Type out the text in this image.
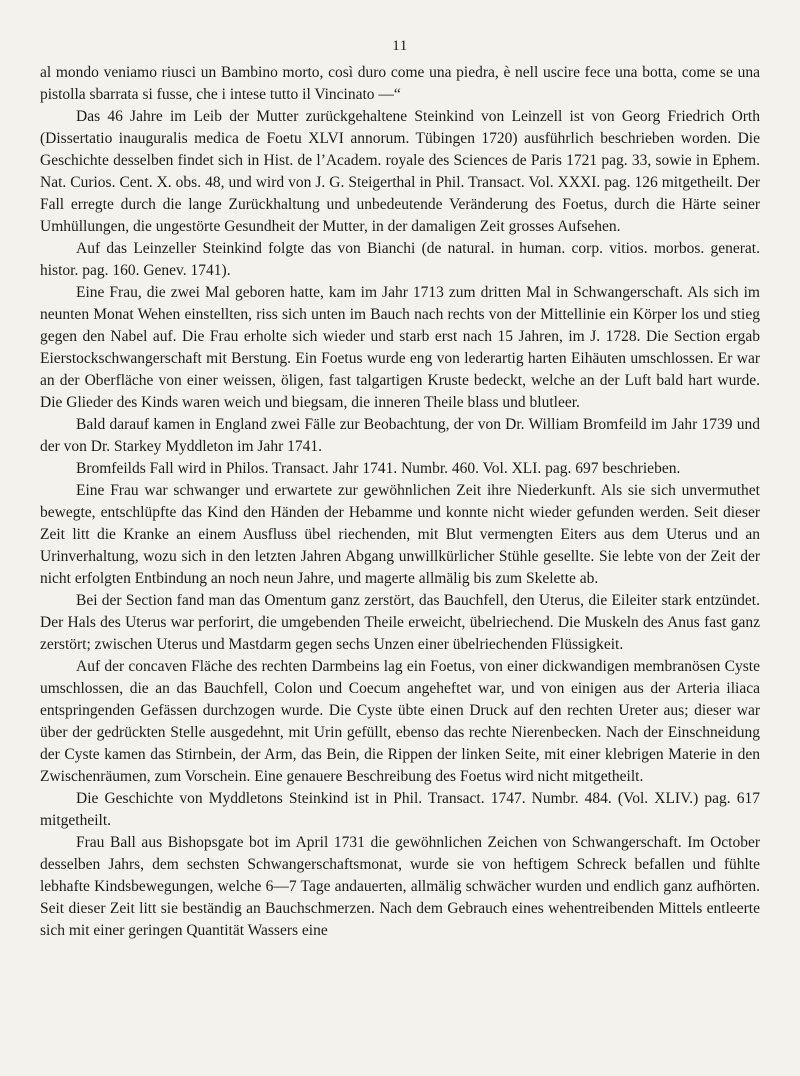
11

al mondo veniamo riusci un Bambino morto, così duro come una piedra, è nell uscire fece una botta, come se una pistolla sbarrata si fusse, che i intese tutto il Vincinato —“

Das 46 Jahre im Leib der Mutter zurückgehaltene Steinkind von Leinzell ist von Georg Friedrich Orth (Dissertatio inauguralis medica de Foetu XLVI annorum. Tübingen 1720) ausführlich beschrieben worden. Die Geschichte desselben findet sich in Hist. de l’Academ. royale des Sciences de Paris 1721 pag. 33, sowie in Ephem. Nat. Curios. Cent. X. obs. 48, und wird von J. G. Steigerthal in Phil. Transact. Vol. XXXI. pag. 126 mitgetheilt. Der Fall erregte durch die lange Zurückhaltung und unbedeutende Veränderung des Foetus, durch die Härte seiner Umhüllungen, die ungestörte Gesundheit der Mutter, in der damaligen Zeit grosses Aufsehen.

Auf das Leinzeller Steinkind folgte das von Bianchi (de natural. in human. corp. vitios. morbos. generat. histor. pag. 160. Genev. 1741).

Eine Frau, die zwei Mal geboren hatte, kam im Jahr 1713 zum dritten Mal in Schwangerschaft. Als sich im neunten Monat Wehen einstellten, riss sich unten im Bauch nach rechts von der Mittellinie ein Körper los und stieg gegen den Nabel auf. Die Frau erholte sich wieder und starb erst nach 15 Jahren, im J. 1728. Die Section ergab Eierstockschwangerschaft mit Berstung. Ein Foetus wurde eng von lederartig harten Eihäuten umschlossen. Er war an der Oberfläche von einer weissen, öligen, fast talgartigen Kruste bedeckt, welche an der Luft bald hart wurde. Die Glieder des Kinds waren weich und biegsam, die inneren Theile blass und blutleer.

Bald darauf kamen in England zwei Fälle zur Beobachtung, der von Dr. William Bromfeild im Jahr 1739 und der von Dr. Starkey Myddleton im Jahr 1741.

Bromfeilds Fall wird in Philos. Transact. Jahr 1741. Numbr. 460. Vol. XLI. pag. 697 beschrieben.

Eine Frau war schwanger und erwartete zur gewöhnlichen Zeit ihre Niederkunft. Als sie sich unvermuthet bewegte, entschlüpfte das Kind den Händen der Hebamme und konnte nicht wieder gefunden werden. Seit dieser Zeit litt die Kranke an einem Ausfluss übel riechenden, mit Blut vermengten Eiters aus dem Uterus und an Urinverhaltung, wozu sich in den letzten Jahren Abgang unwillkürlicher Stühle gesellte. Sie lebte von der Zeit der nicht erfolgten Entbindung an noch neun Jahre, und magerte allmälig bis zum Skelette ab.

Bei der Section fand man das Omentum ganz zerstört, das Bauchfell, den Uterus, die Eileiter stark entzündet. Der Hals des Uterus war perforirt, die umgebenden Theile erweicht, übelriechend. Die Muskeln des Anus fast ganz zerstört; zwischen Uterus und Mastdarm gegen sechs Unzen einer übelriechenden Flüssigkeit.

Auf der concaven Fläche des rechten Darmbeins lag ein Foetus, von einer dickwandigen membranösen Cyste umschlossen, die an das Bauchfell, Colon und Coecum angeheftet war, und von einigen aus der Arteria iliaca entspringenden Gefässen durchzogen wurde. Die Cyste übte einen Druck auf den rechten Ureter aus; dieser war über der gedrückten Stelle ausgedehnt, mit Urin gefüllt, ebenso das rechte Nierenbecken. Nach der Einschneidung der Cyste kamen das Stirnbein, der Arm, das Bein, die Rippen der linken Seite, mit einer klebrigen Materie in den Zwischenräumen, zum Vorschein. Eine genauere Beschreibung des Foetus wird nicht mitgetheilt.

Die Geschichte von Myddletons Steinkind ist in Phil. Transact. 1747. Numbr. 484. (Vol. XLIV.) pag. 617 mitgetheilt.

Frau Ball aus Bishopsgate bot im April 1731 die gewöhnlichen Zeichen von Schwangerschaft. Im October desselben Jahrs, dem sechsten Schwangerschaftsmonat, wurde sie von heftigem Schreck befallen und fühlte lebhafte Kindsbewegungen, welche 6—7 Tage andauerten, allmälig schwächer wurden und endlich ganz aufhörten. Seit dieser Zeit litt sie beständig an Bauchschmerzen. Nach dem Gebrauch eines wehentreibenden Mittels entleerte sich mit einer geringen Quantität Wassers eine
